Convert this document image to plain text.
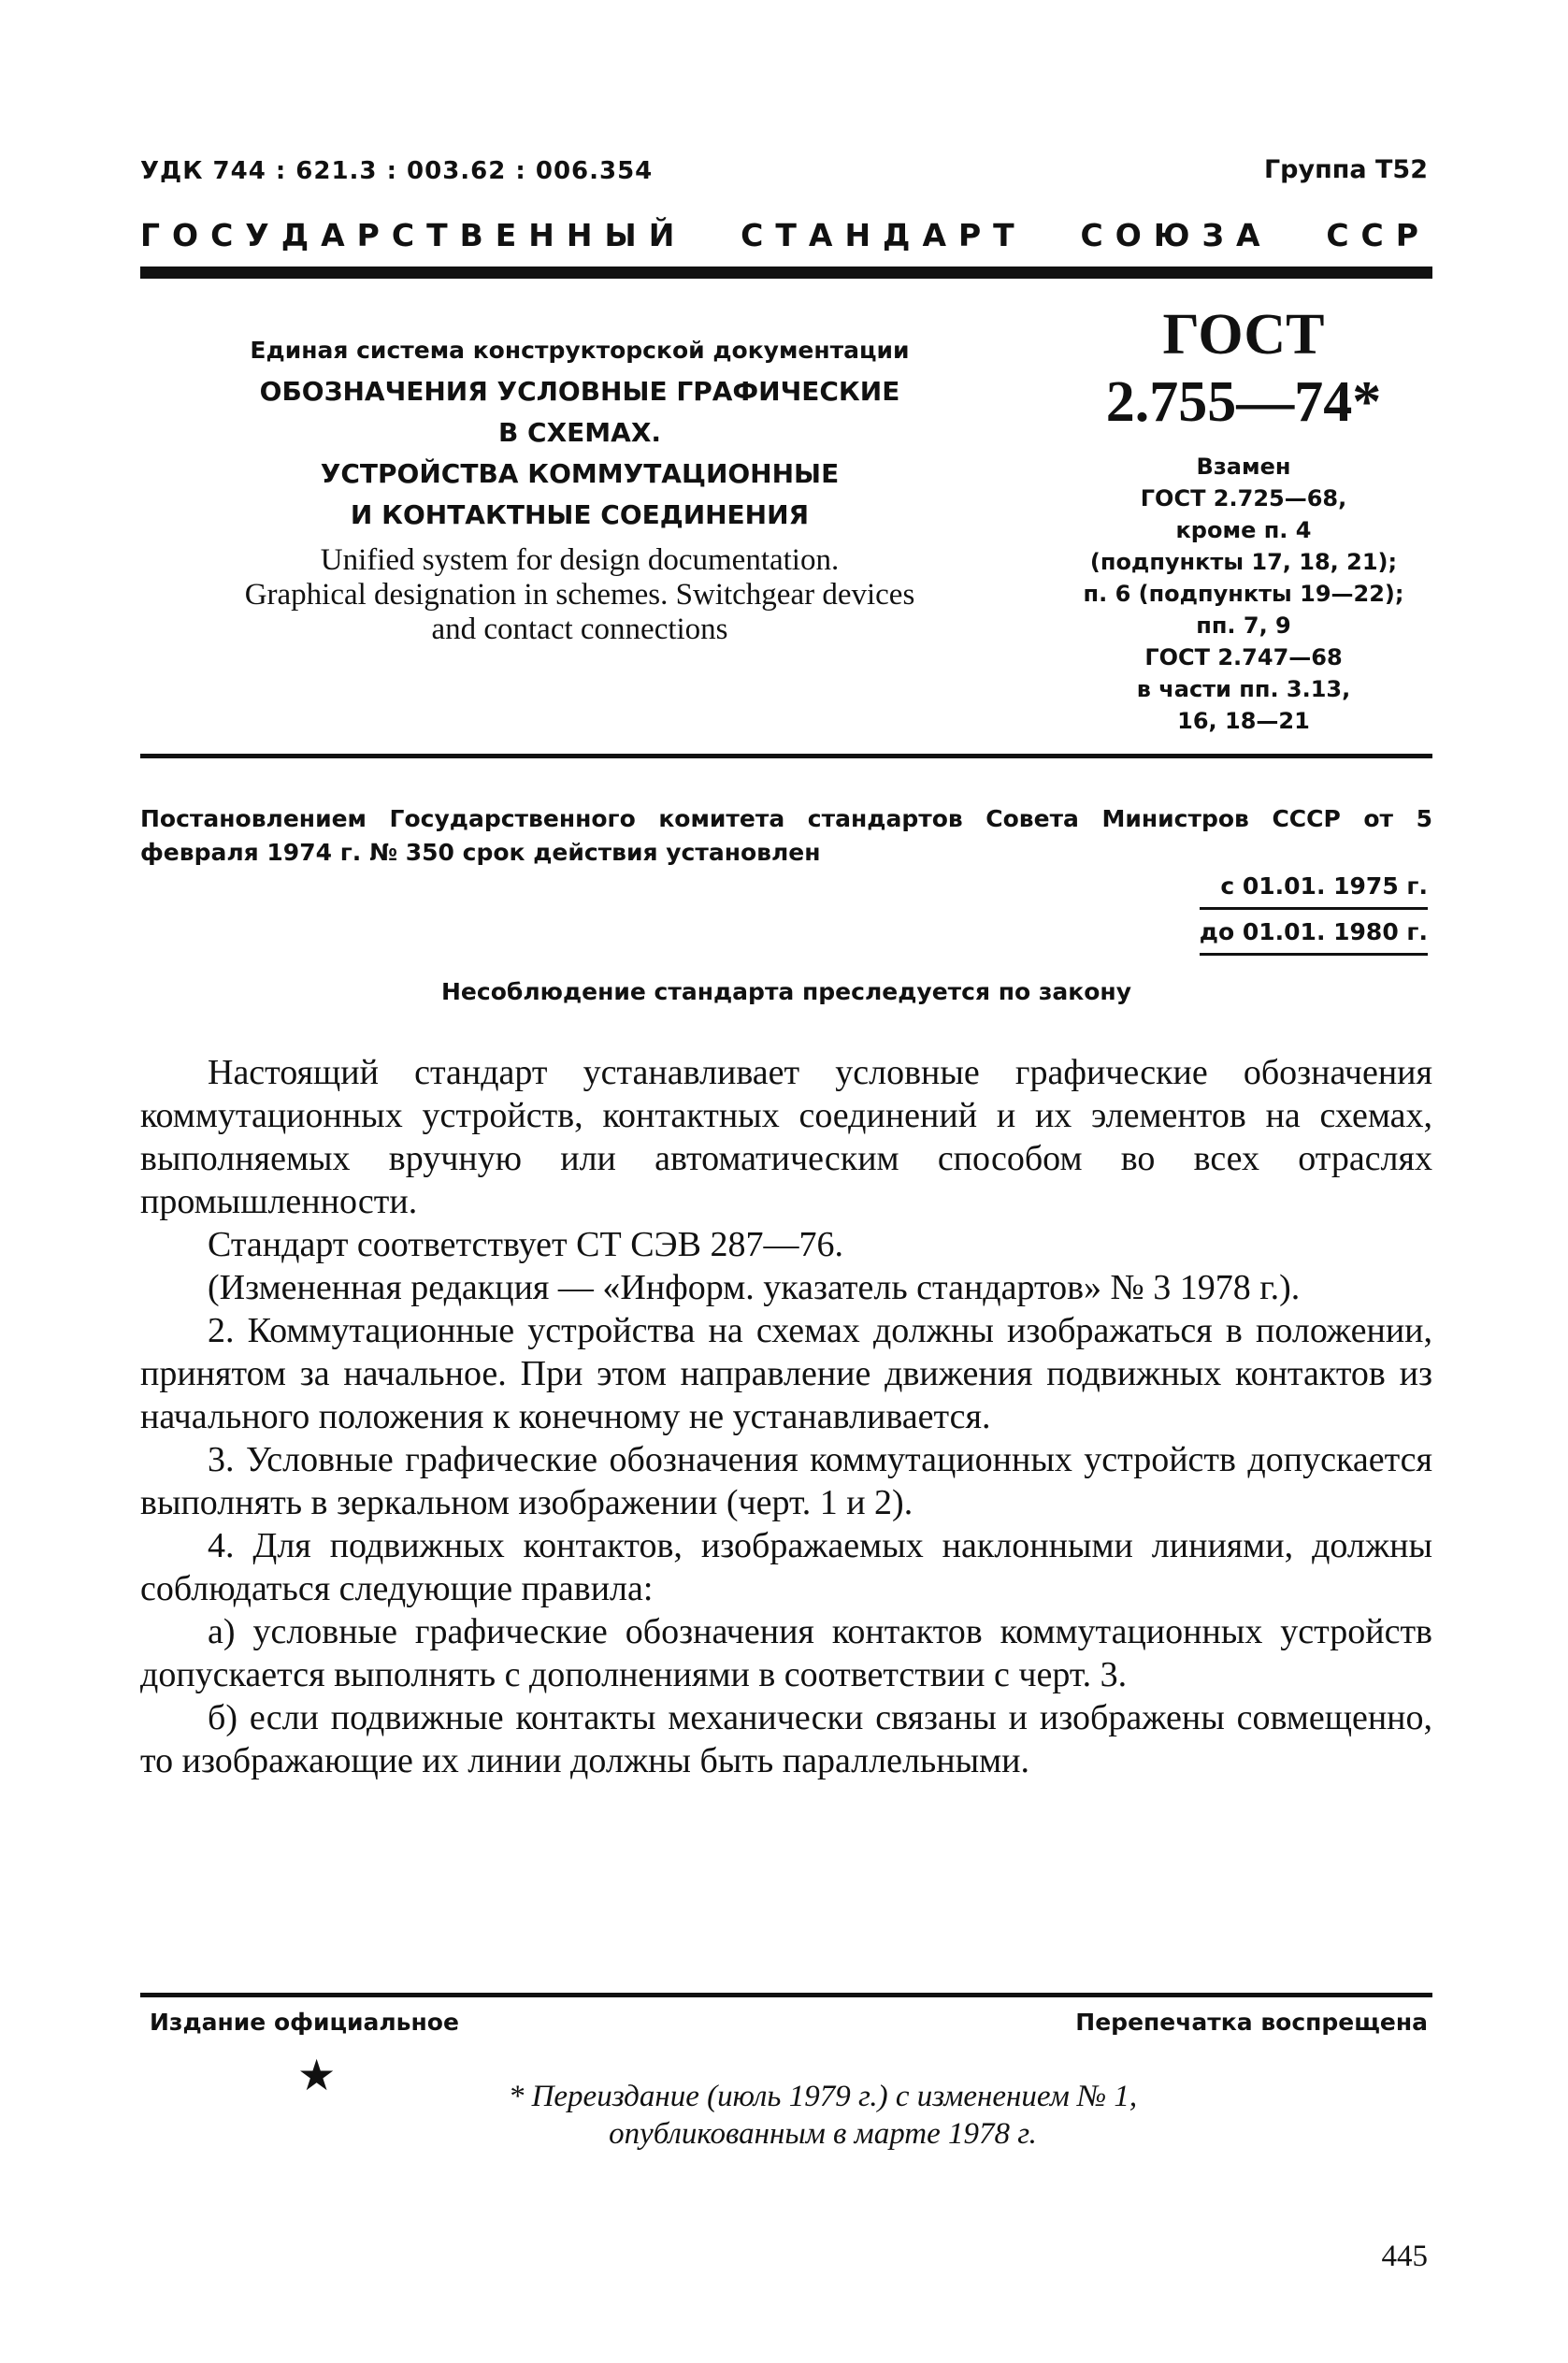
УДК 744 : 621.3 : 003.62 : 006.354	Группа Т52
ГОСУДАРСТВЕННЫЙ СТАНДАРТ СОЮЗА ССР
Единая система конструкторской документации
ОБОЗНАЧЕНИЯ УСЛОВНЫЕ ГРАФИЧЕСКИЕ
В СХЕМАХ.
УСТРОЙСТВА КОММУТАЦИОННЫЕ
И КОНТАКТНЫЕ СОЕДИНЕНИЯ
Unified system for design documentation.
Graphical designation in schemes. Switchgear devices
and contact connections
ГОСТ
2.755—74*
Взамен
ГОСТ 2.725—68,
кроме п. 4
(подпункты 17, 18, 21);
п. 6 (подпункты 19—22);
пп. 7, 9
ГОСТ 2.747—68
в части пп. 3.13,
16, 18—21
Постановлением Государственного комитета стандартов Совета Министров СССР от 5 февраля 1974 г. № 350 срок действия установлен
с 01.01. 1975 г.
до 01.01. 1980 г.
Несоблюдение стандарта преследуется по закону

Настоящий стандарт устанавливает условные графические обозначения коммутационных устройств, контактных соединений и их элементов на схемах, выполняемых вручную или автоматическим способом во всех отраслях промышленности.

Стандарт соответствует СТ СЭВ 287—76.

(Измененная редакция — «Информ. указатель стандартов» № 3 1978 г.).

2. Коммутационные устройства на схемах должны изображаться в положении, принятом за начальное. При этом направление движения подвижных контактов из начального положения к конечному не устанавливается.

3. Условные графические обозначения коммутационных устройств допускается выполнять в зеркальном изображении (черт. 1 и 2).

4. Для подвижных контактов, изображаемых наклонными линиями, должны соблюдаться следующие правила:

а) условные графические обозначения контактов коммутационных устройств допускается выполнять с дополнениями в соответствии с черт. 3.

б) если подвижные контакты механически связаны и изображены совмещенно, то изображающие их линии должны быть параллельными.

Издание официальное	Перепечатка воспрещена
★	* Переиздание (июль 1979 г.) с изменением № 1,
опубликованным в марте 1978 г.
445
